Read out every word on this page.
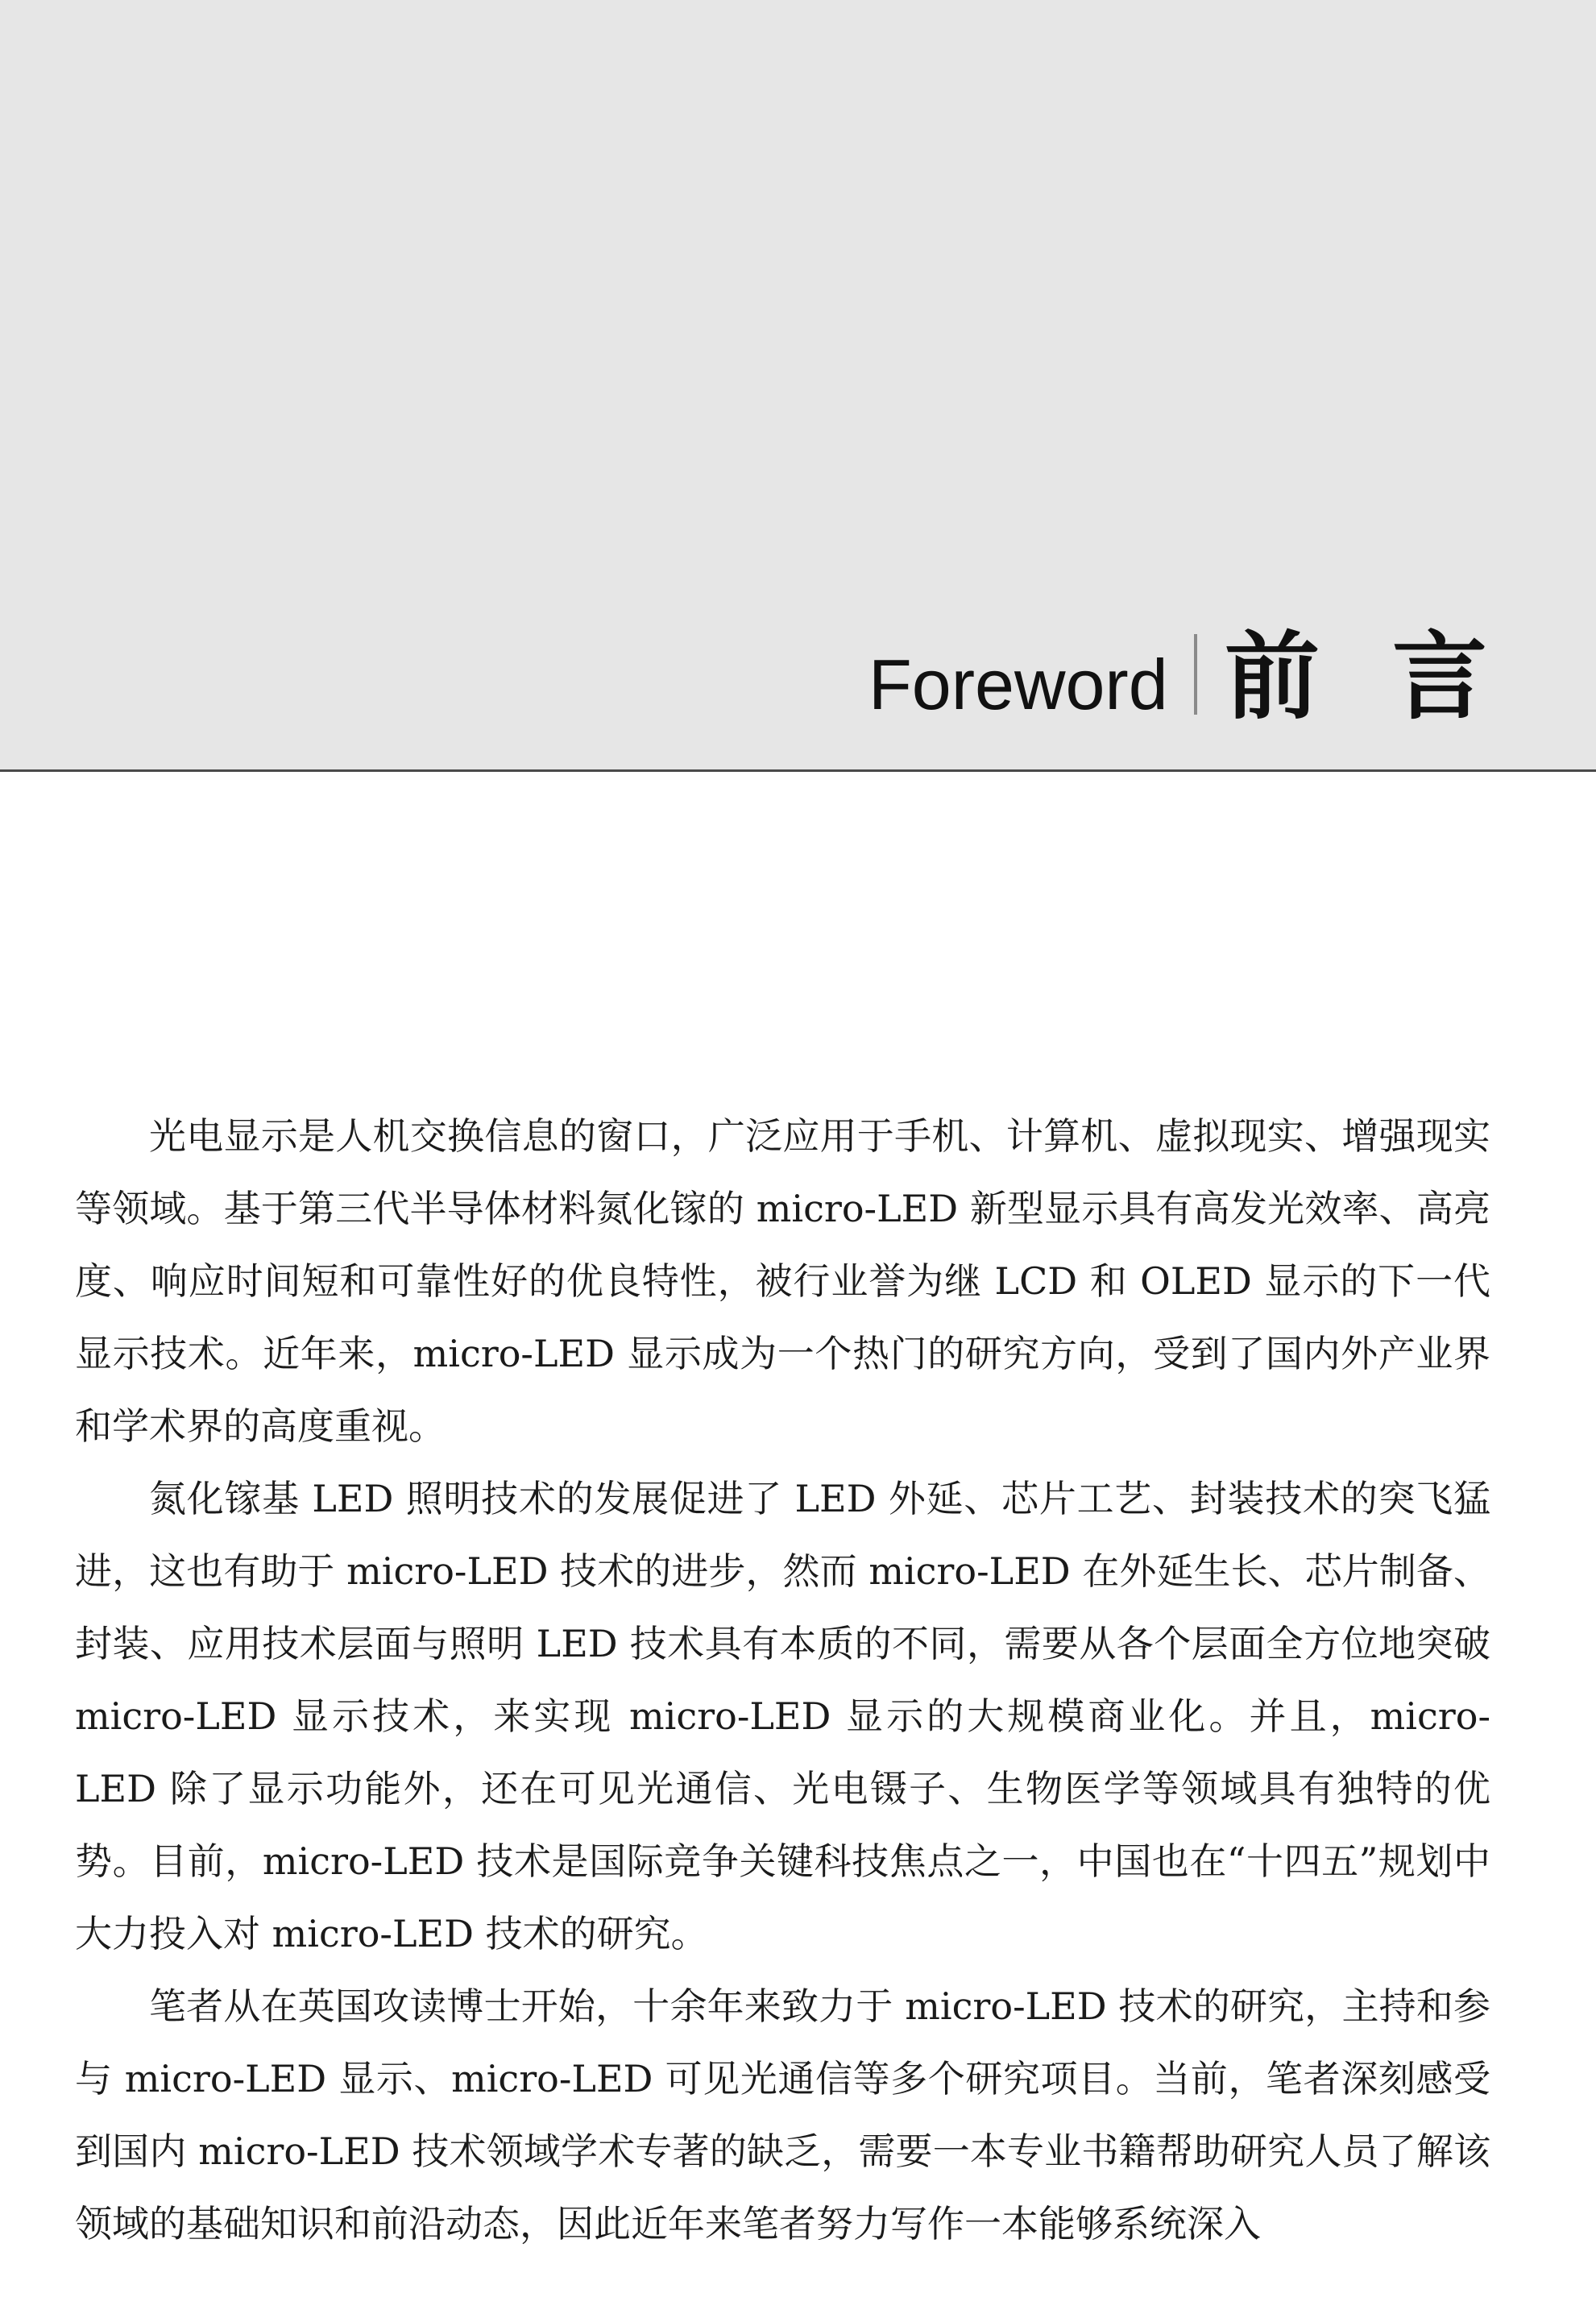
Foreword 前言

光电显示是人机交换信息的窗口，广泛应用于手机、计算机、虚拟现实、增强现实等领域。基于第三代半导体材料氮化镓的 micro-LED 新型显示具有高发光效率、高亮度、响应时间短和可靠性好的优良特性，被行业誉为继 LCD 和 OLED 显示的下一代显示技术。近年来，micro-LED 显示成为一个热门的研究方向，受到了国内外产业界和学术界的高度重视。

氮化镓基 LED 照明技术的发展促进了 LED 外延、芯片工艺、封装技术的突飞猛进，这也有助于 micro-LED 技术的进步，然而 micro-LED 在外延生长、芯片制备、封装、应用技术层面与照明 LED 技术具有本质的不同，需要从各个层面全方位地突破 micro-LED 显示技术，来实现 micro-LED 显示的大规模商业化。并且，micro-LED 除了显示功能外，还在可见光通信、光电镊子、生物医学等领域具有独特的优势。目前，micro-LED 技术是国际竞争关键科技焦点之一，中国也在“十四五”规划中大力投入对 micro-LED 技术的研究。

笔者从在英国攻读博士开始，十余年来致力于 micro-LED 技术的研究，主持和参与 micro-LED 显示、micro-LED 可见光通信等多个研究项目。当前，笔者深刻感受到国内 micro-LED 技术领域学术专著的缺乏，需要一本专业书籍帮助研究人员了解该领域的基础知识和前沿动态，因此近年来笔者努力写作一本能够系统深入
